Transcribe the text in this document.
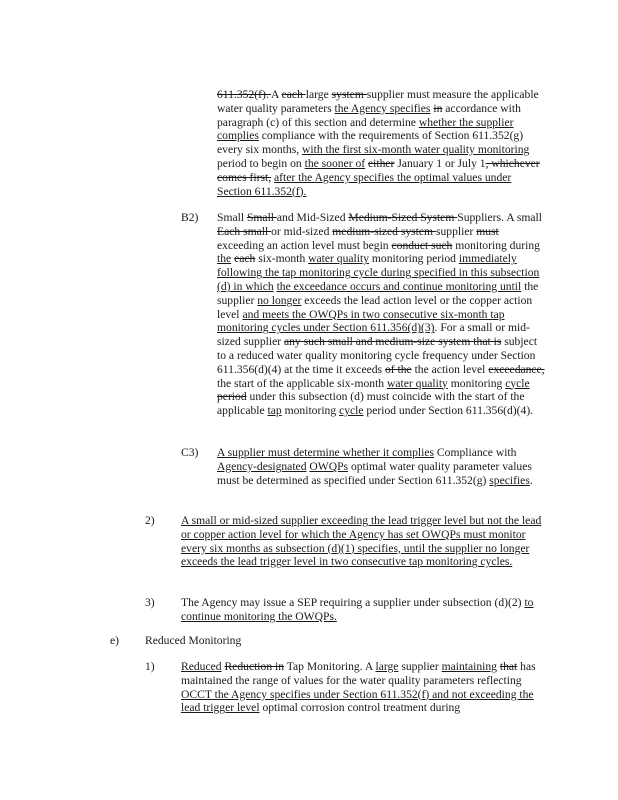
611.352(f). A each large system supplier must measure the applicable water quality parameters the Agency specifies in accordance with paragraph (c) of this section and determine whether the supplier complies compliance with the requirements of Section 611.352(g) every six months, with the first six-month water quality monitoring period to begin on the sooner of either January 1 or July 1, whichever comes first, after the Agency specifies the optimal values under Section 611.352(f).
B2) Small Small and Mid-Sized Medium-Sized System Suppliers. A small Each small or mid-sized medium-sized system supplier must exceeding an action level must begin conduct such monitoring during the each six-month water quality monitoring period immediately following the tap monitoring cycle during specified in this subsection (d) in which the exceedance occurs and continue monitoring until the supplier no longer exceeds the lead action level or the copper action level and meets the OWQPs in two consecutive six-month tap monitoring cycles under Section 611.356(d)(3). For a small or mid-sized supplier any such small and medium-size system that is subject to a reduced water quality monitoring cycle frequency under Section 611.356(d)(4) at the time it exceeds of the the action level exceedance, the start of the applicable six-month water quality monitoring cycle period under this subsection (d) must coincide with the start of the applicable tap monitoring cycle period under Section 611.356(d)(4).
C3) A supplier must determine whether it complies Compliance with Agency-designated OWQPs optimal water quality parameter values must be determined as specified under Section 611.352(g) specifies.
2) A small or mid-sized supplier exceeding the lead trigger level but not the lead or copper action level for which the Agency has set OWQPs must monitor every six months as subsection (d)(1) specifies, until the supplier no longer exceeds the lead trigger level in two consecutive tap monitoring cycles.
3) The Agency may issue a SEP requiring a supplier under subsection (d)(2) to continue monitoring the OWQPs.
e) Reduced Monitoring
1) Reduced Reduction in Tap Monitoring. A large supplier maintaining that has maintained the range of values for the water quality parameters reflecting OCCT the Agency specifies under Section 611.352(f) and not exceeding the lead trigger level optimal corrosion control treatment during
